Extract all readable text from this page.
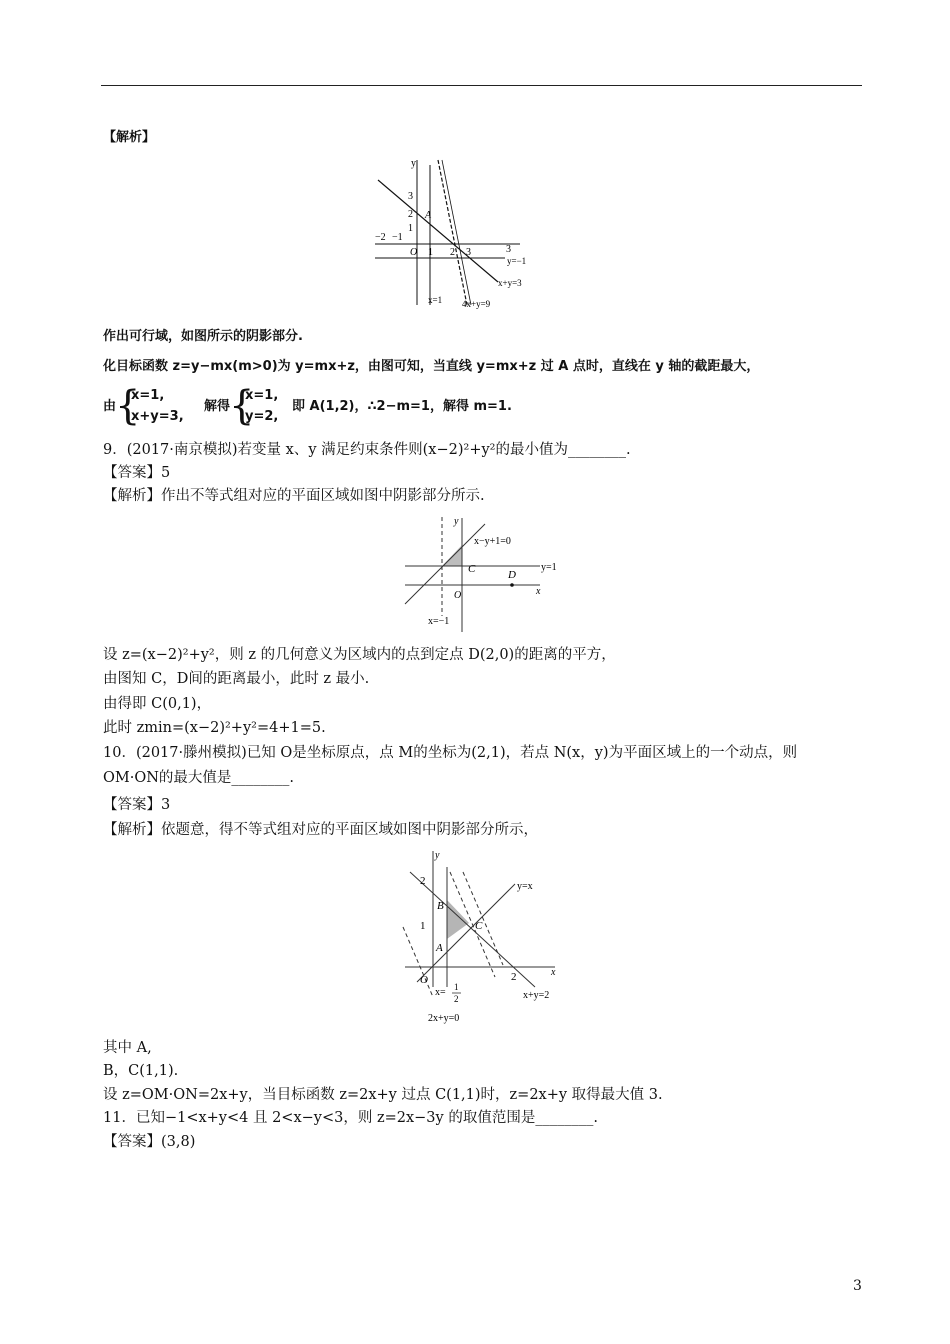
【解析】
y
3
2 A
1
−2 −1
O 1 2 3	3
y=−1
x+y=3
x=1 4x+y=9
作出可行域，如图所示的阴影部分.
化目标函数 z=y−mx(m>0)为 y=mx+z，由图可知，当直线 y=mx+z 过 A 点时，直线在 y 轴的截距最大，
由
{
x=1,
x+y=3,
解得
{
x=1,
y=2,
即 A(1,2)，∴2−m=1，解得 m=1.
9．(2017·南京模拟)若变量 x、y 满足约束条件则(x−2)²+y²的最小值为________.
【答案】5
【解析】作出不等式组对应的平面区域如图中阴影部分所示.
y
x−y+1=0
C	D
y=1
O	x
x=−1
设 z=(x−2)²+y²，则 z 的几何意义为区域内的点到定点 D(2,0)的距离的平方，
由图知 C，D间的距离最小，此时 z 最小.
由得即 C(0,1)，
此时 zmin=(x−2)²+y²=4+1=5.
10．(2017·滕州模拟)已知 O是坐标原点，点 M的坐标为(2,1)，若点 N(x，y)为平面区域上的一个动点，则
OM·ON的最大值是________.
【答案】3
【解析】依题意，得不等式组对应的平面区域如图中阴影部分所示，
y
y=x
2
B
1	C
A
O	2	x
x+y=2
x= 1
2
2x+y=0
其中 A,
B，C(1,1).
设 z=OM·ON=2x+y，当目标函数 z=2x+y 过点 C(1,1)时，z=2x+y 取得最大值 3.
11．已知−1<x+y<4 且 2<x−y<3，则 z=2x−3y 的取值范围是________.
【答案】(3,8)
3
